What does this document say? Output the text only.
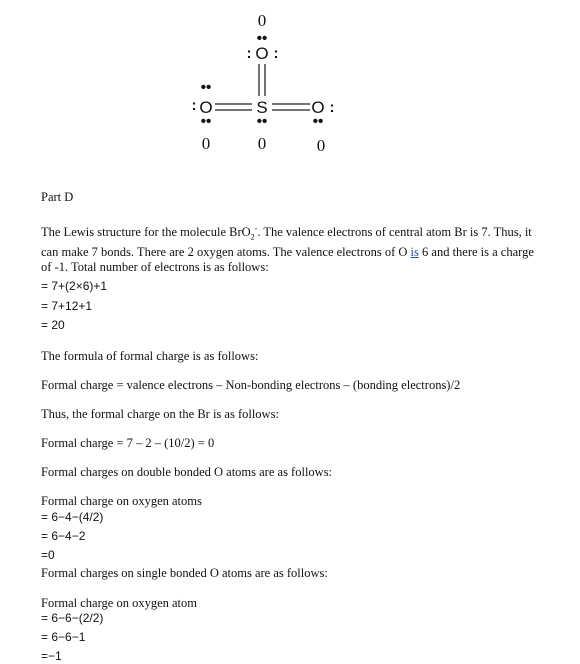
0
0	0	0
••
: O :
••
: O
••
S
••
O :
••
Part D
The Lewis structure for the molecule BrO$_2$-. The valence electrons of central atom Br is 7. Thus, it can make 7 bonds. There are 2 oxygen atoms. The valence electrons of O is 6 and there is a charge of -1. Total number of electrons is as follows:
= 7+(2×6)+1
= 7+12+1
= 20
The formula of formal charge is as follows:
Formal charge = valence electrons – Non-bonding electrons – (bonding electrons)/2
Thus, the formal charge on the Br is as follows:
Formal charge = 7 – 2 – (10/2) = 0
Formal charges on double bonded O atoms are as follows:
Formal charge on oxygen atoms
= 6−4−(4/2)
= 6−4−2
=0
Formal charges on single bonded O atoms are as follows:
Formal charge on oxygen atom
= 6−6−(2/2)
= 6−6−1
=−1
